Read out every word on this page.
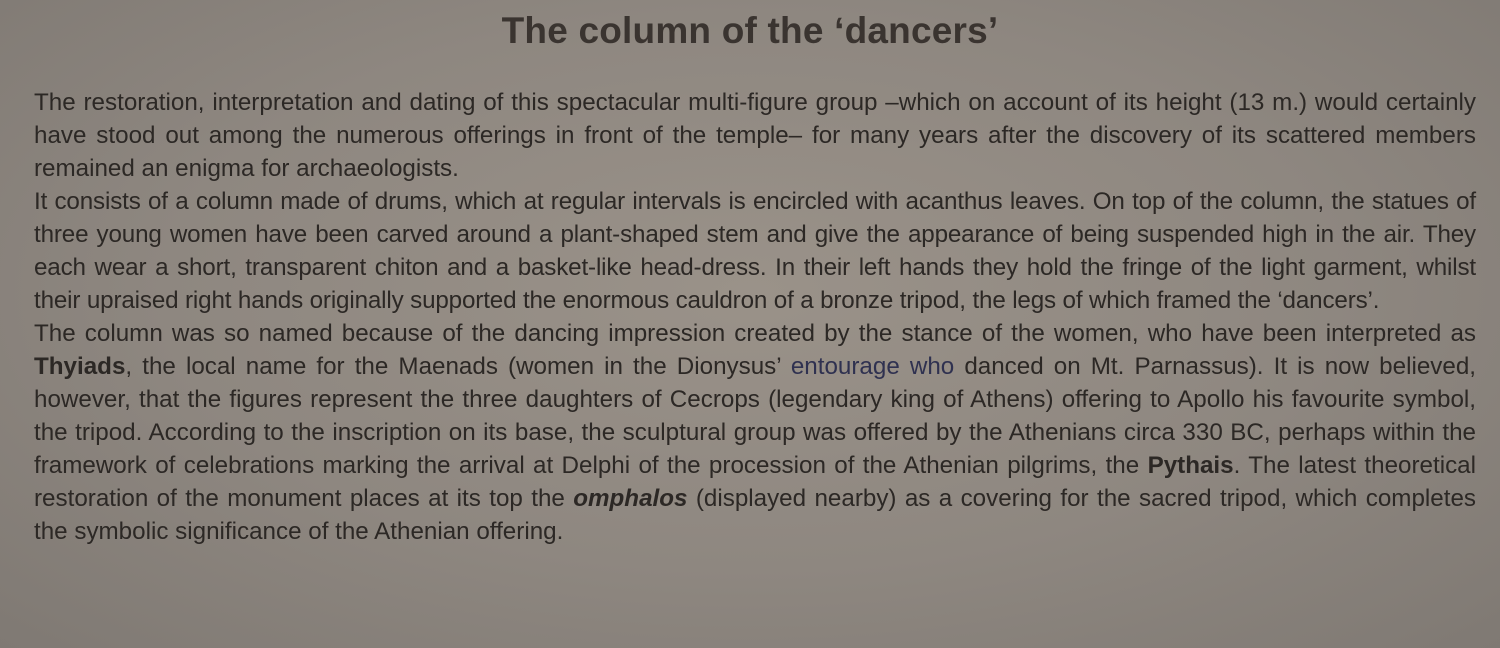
The column of the ‘dancers’

The restoration, interpretation and dating of this spectacular multi-figure group –which on account of its height (13 m.) would certainly have stood out among the numerous offerings in front of the temple– for many years after the discovery of its scattered members remained an enigma for archaeologists.

It consists of a column made of drums, which at regular intervals is encircled with acanthus leaves. On top of the column, the statues of three young women have been carved around a plant-shaped stem and give the appearance of being suspended high in the air. They each wear a short, transparent chiton and a basket-like head-dress. In their left hands they hold the fringe of the light garment, whilst their upraised right hands originally supported the enormous cauldron of a bronze tripod, the legs of which framed the ‘dancers’.

The column was so named because of the dancing impression created by the stance of the women, who have been interpreted as Thyiads, the local name for the Maenads (women in the Dionysus’ entourage who danced on Mt. Parnassus). It is now believed, however, that the figures represent the three daughters of Cecrops (legendary king of Athens) offering to Apollo his favourite symbol, the tripod. According to the inscription on its base, the sculptural group was offered by the Athenians circa 330 BC, perhaps within the framework of celebrations marking the arrival at Delphi of the procession of the Athenian pilgrims, the Pythais. The latest theoretical restoration of the monument places at its top the omphalos (displayed nearby) as a covering for the sacred tripod, which completes the symbolic significance of the Athenian offering.
